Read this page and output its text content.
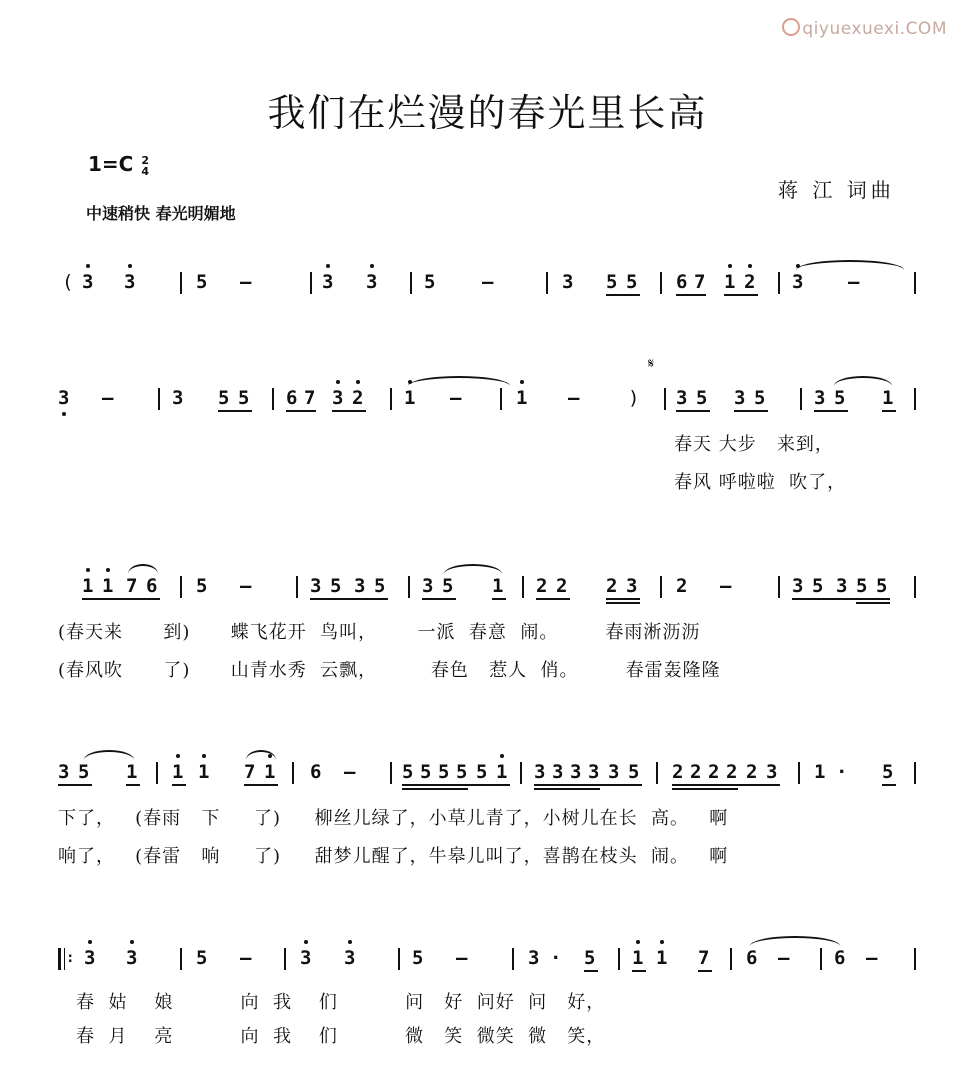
qiyuexuexi.COM
我们在烂漫的春光里长高
1=C 2
4
中速稍快 春光明媚地
蒋 江 词曲
( 3 3	5 –	3 3 5 –	3 5 5 6 7 1 2 3 –
3 –	3 5 5 6 7 3 2 1 –	1 –	)
𝄋
3 5 3 5	3 5 1
春天 大步   来到，
春风 呼啦啦  吹了，
1 1 7 6 5 –	3 5 3 5 3 5 1 2 2 2 3 2 –	3 5 3 5 5
(春天来      到)      蝶飞花开  鸟叫，      一派  春意  闹。       春雨淅沥沥
(春风吹      了)      山青水秀  云飘，        春色   惹人  俏。       春雷轰隆隆
3 5 1 1 1 7 1 6 – 5 5 5 5 5 1 3 3 3 3 3 5 2 2 2 2 2 3 1 · 5
下了，   (春雨   下     了)     柳丝儿绿了，小草儿青了，小树儿在长  高。   啊
响了，   (春雷   响     了)     甜梦儿醒了，牛皋儿叫了，喜鹊在枝头  闹。   啊
: 3 3	5 –	3 3	5 –	3 · 5 1 1 7 6 – 6 –
春  姑    娘          向  我    们          问   好  问好  问   好，
春  月    亮          向  我    们          微   笑  微笑  微   笑，
